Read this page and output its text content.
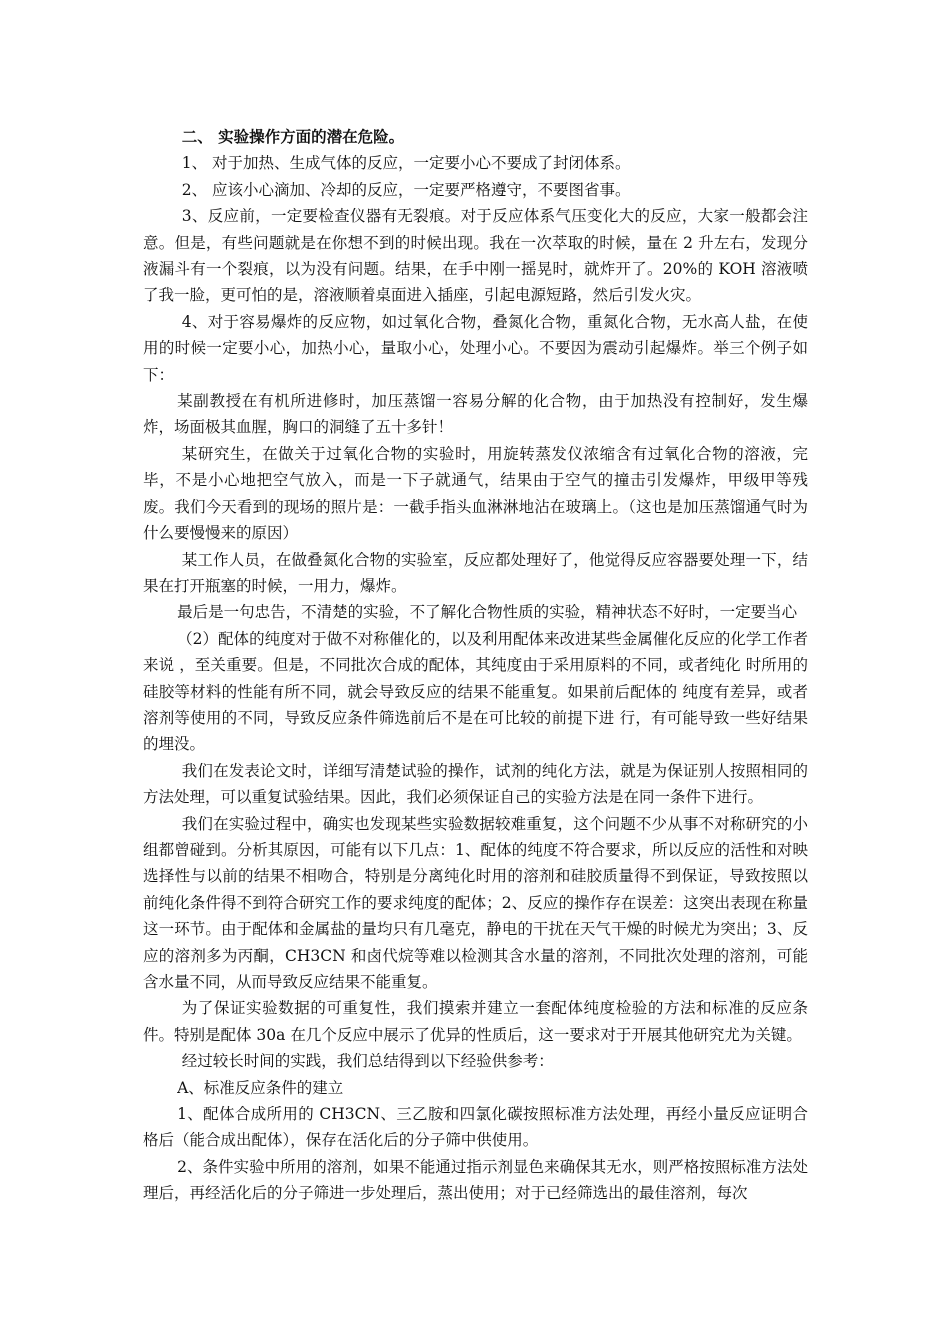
二、 实验操作方面的潜在危险。

1、 对于加热、生成气体的反应，一定要小心不要成了封闭体系。

2、 应该小心滴加、冷却的反应，一定要严格遵守，不要图省事。

3、反应前，一定要检查仪器有无裂痕。对于反应体系气压变化大的反应，大家一般都会注意。但是，有些问题就是在你想不到的时候出现。我在一次萃取的时候，量在 2 升左右，发现分液漏斗有一个裂痕，以为没有问题。结果，在手中刚一摇晃时，就炸开了。20%的 KOH 溶液喷了我一脸，更可怕的是，溶液顺着桌面进入插座，引起电源短路，然后引发火灾。

4、对于容易爆炸的反应物，如过氧化合物，叠氮化合物，重氮化合物，无水高人盐，在使用的时候一定要小心，加热小心，量取小心，处理小心。不要因为震动引起爆炸。举三个例子如下：

某副教授在有机所进修时，加压蒸馏一容易分解的化合物，由于加热没有控制好，发生爆炸，场面极其血腥，胸口的洞缝了五十多针！

某研究生，在做关于过氧化合物的实验时，用旋转蒸发仪浓缩含有过氧化合物的溶液，完毕，不是小心地把空气放入，而是一下子就通气，结果由于空气的撞击引发爆炸，甲级甲等残废。我们今天看到的现场的照片是：一截手指头血淋淋地沾在玻璃上。（这也是加压蒸馏通气时为什么要慢慢来的原因）

某工作人员，在做叠氮化合物的实验室，反应都处理好了，他觉得反应容器要处理一下，结果在打开瓶塞的时候，一用力，爆炸。

最后是一句忠告，不清楚的实验，不了解化合物性质的实验，精神状态不好时，一定要当心

（2）配体的纯度对于做不对称催化的，以及利用配体来改进某些金属催化反应的化学工作者来说 ，至关重要。但是，不同批次合成的配体，其纯度由于采用原料的不同，或者纯化 时所用的硅胶等材料的性能有所不同，就会导致反应的结果不能重复。如果前后配体的 纯度有差异，或者溶剂等使用的不同，导致反应条件筛选前后不是在可比较的前提下进 行，有可能导致一些好结果的埋没。

我们在发表论文时，详细写清楚试验的操作，试剂的纯化方法，就是为保证别人按照相同的方法处理，可以重复试验结果。因此，我们必须保证自己的实验方法是在同一条件下进行。

我们在实验过程中，确实也发现某些实验数据较难重复，这个问题不少从事不对称研究的小组都曾碰到。分析其原因，可能有以下几点：1、配体的纯度不符合要求，所以反应的活性和对映选择性与以前的结果不相吻合，特别是分离纯化时用的溶剂和硅胶质量得不到保证，导致按照以前纯化条件得不到符合研究工作的要求纯度的配体；2、反应的操作存在误差：这突出表现在称量这一环节。由于配体和金属盐的量均只有几毫克，静电的干扰在天气干燥的时候尤为突出；3、反应的溶剂多为丙酮，CH3CN 和卤代烷等难以检测其含水量的溶剂，不同批次处理的溶剂，可能含水量不同，从而导致反应结果不能重复。

为了保证实验数据的可重复性，我们摸索并建立一套配体纯度检验的方法和标准的反应条件。特别是配体 30a 在几个反应中展示了优异的性质后，这一要求对于开展其他研究尤为关键。

经过较长时间的实践，我们总结得到以下经验供参考：

A、标准反应条件的建立

1、配体合成所用的 CH3CN、三乙胺和四氯化碳按照标准方法处理，再经小量反应证明合格后（能合成出配体），保存在活化后的分子筛中供使用。

2、条件实验中所用的溶剂，如果不能通过指示剂显色来确保其无水，则严格按照标准方法处理后，再经活化后的分子筛进一步处理后，蒸出使用；对于已经筛选出的最佳溶剂，每次
